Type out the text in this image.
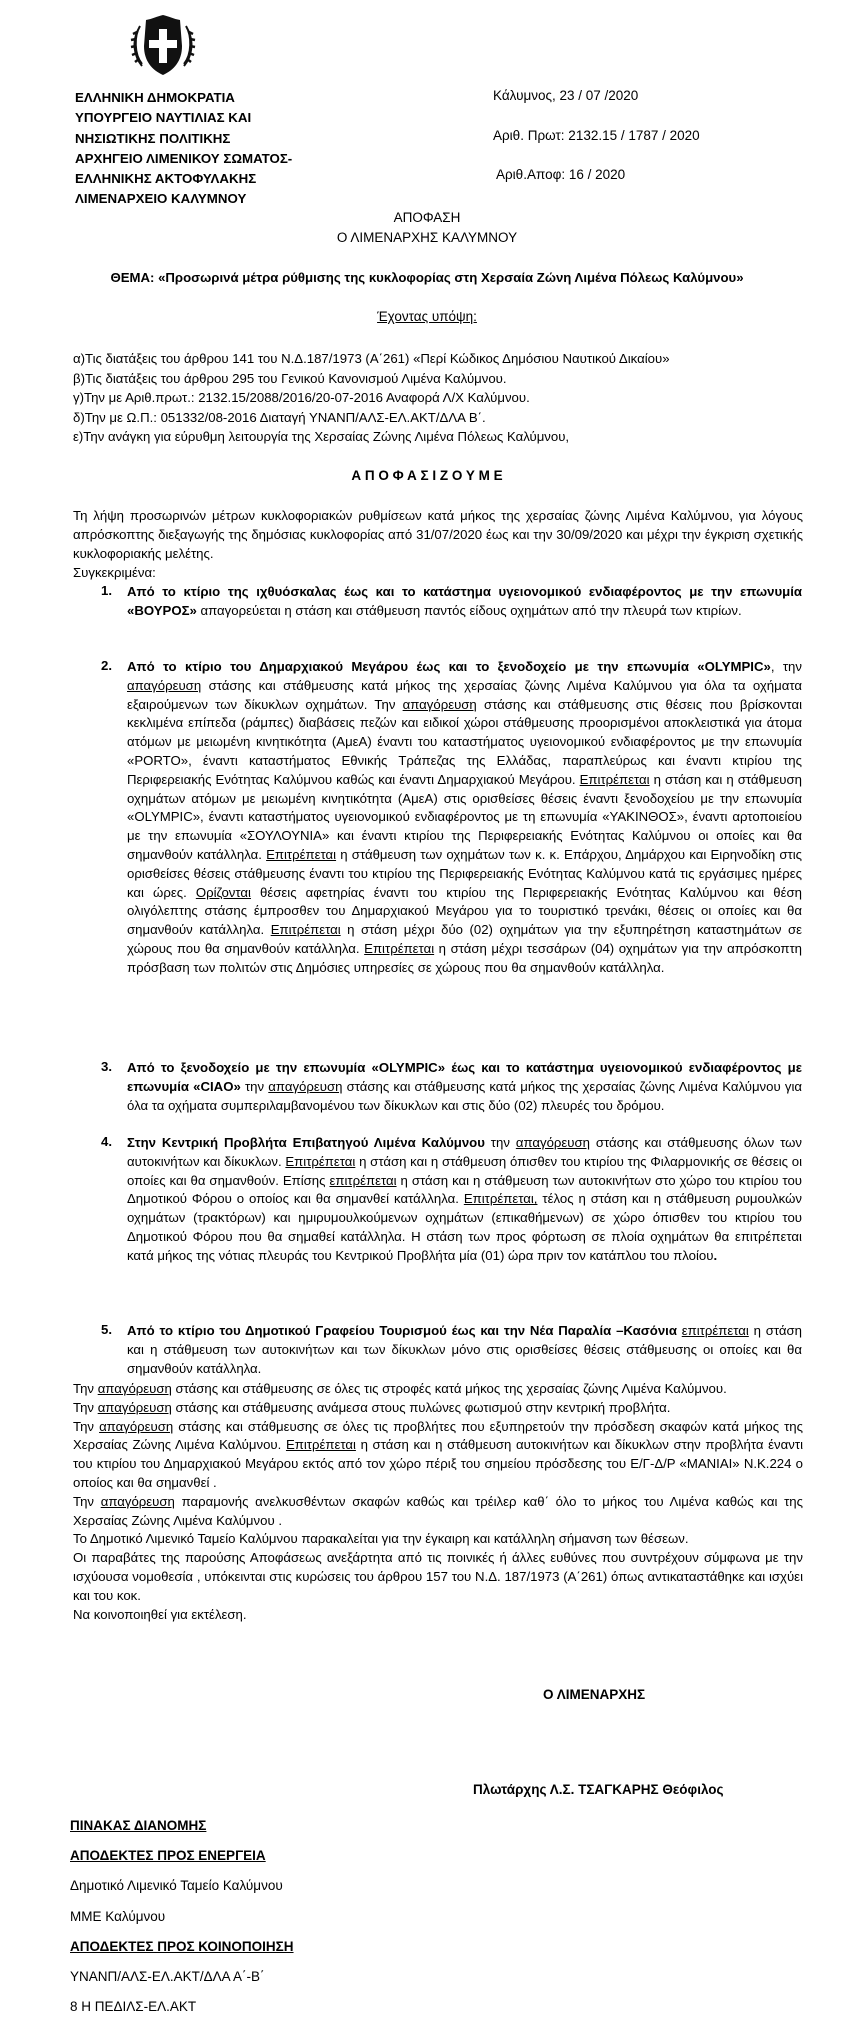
ΕΛΛΗΝΙΚΗ ΔΗΜΟΚΡΑΤΙΑ
ΥΠΟΥΡΓΕΙΟ ΝΑΥΤΙΛΙΑΣ ΚΑΙ
ΝΗΣΙΩΤΙΚΗΣ ΠΟΛΙΤΙΚΗΣ
ΑΡΧΗΓΕΙΟ ΛΙΜΕΝΙΚΟΥ ΣΩΜΑΤΟΣ-
ΕΛΛΗΝΙΚΗΣ ΑΚΤΟΦΥΛΑΚΗΣ
ΛΙΜΕΝΑΡΧΕΙΟ ΚΑΛΥΜΝΟΥ
Κάλυμνος, 23 / 07 /2020
Αριθ. Πρωτ: 2132.15 / 1787 / 2020
Αριθ.Αποφ: 16 / 2020
ΑΠΟΦΑΣΗ
Ο ΛΙΜΕΝΑΡΧΗΣ ΚΑΛΥΜΝΟΥ
ΘΕΜΑ: «Προσωρινά μέτρα ρύθμισης της κυκλοφορίας στη Χερσαία Ζώνη Λιμένα Πόλεως Καλύμνου»
Έχοντας υπόψη:
α)Τις διατάξεις του άρθρου 141 του Ν.Δ.187/1973 (Α΄261) «Περί Κώδικος Δημόσιου Ναυτικού Δικαίου»
β)Τις διατάξεις του άρθρου 295 του Γενικού Κανονισμού Λιμένα Καλύμνου.
γ)Την με Αριθ.πρωτ.: 2132.15/2088/2016/20-07-2016 Αναφορά Λ/Χ Καλύμνου.
δ)Την με Ω.Π.: 051332/08-2016 Διαταγή ΥΝΑΝΠ/ΑΛΣ-ΕΛ.ΑΚΤ/ΔΛΑ Β΄.
ε)Την ανάγκη για εύρυθμη λειτουργία της Χερσαίας Ζώνης Λιμένα Πόλεως Καλύμνου,
Α Π Ο Φ Α Σ Ι Ζ Ο Υ Μ Ε
Τη λήψη προσωρινών μέτρων κυκλοφοριακών ρυθμίσεων κατά μήκος της χερσαίας ζώνης Λιμένα Καλύμνου, για λόγους απρόσκοπτης διεξαγωγής της δημόσιας κυκλοφορίας από 31/07/2020 έως και την 30/09/2020 και μέχρι την έγκριση σχετικής κυκλοφοριακής μελέτης.
Συγκεκριμένα:
1. Από το κτίριο της ιχθυόσκαλας έως και το κατάστημα υγειονομικού ενδιαφέροντος με την επωνυμία «ΒΟΥΡΟΣ» απαγορεύεται η στάση και στάθμευση παντός είδους οχημάτων από την πλευρά των κτιρίων.
2. Από το κτίριο του Δημαρχιακού Μεγάρου έως και το ξενοδοχείο με την επωνυμία «OLYMPIC», την απαγόρευση στάσης και στάθμευσης κατά μήκος της χερσαίας ζώνης Λιμένα Καλύμνου για όλα τα οχήματα εξαιρούμενων των δίκυκλων οχημάτων. Την απαγόρευση στάσης και στάθμευσης στις θέσεις που βρίσκονται κεκλιμένα επίπεδα (ράμπες) διαβάσεις πεζών και ειδικοί χώροι στάθμευσης προορισμένοι αποκλειστικά για άτομα ατόμων με μειωμένη κινητικότητα (ΑμεΑ) έναντι του καταστήματος υγειονομικού ενδιαφέροντος με την επωνυμία «PORTO», έναντι καταστήματος Εθνικής Τράπεζας της Ελλάδας, παραπλεύρως και έναντι κτιρίου της Περιφερειακής Ενότητας Καλύμνου καθώς και έναντι Δημαρχιακού Μεγάρου. Επιτρέπεται η στάση και η στάθμευση οχημάτων ατόμων με μειωμένη κινητικότητα (ΑμεΑ) στις ορισθείσες θέσεις έναντι ξενοδοχείου με την επωνυμία «OLYMPIC», έναντι καταστήματος υγειονομικού ενδιαφέροντος με τη επωνυμία «ΥΑΚΙΝΘΟΣ», έναντι αρτοποιείου με την επωνυμία «ΣΟΥΛΟΥΝΙΑ» και έναντι κτιρίου της Περιφερειακής Ενότητας Καλύμνου οι οποίες και θα σημανθούν κατάλληλα. Επιτρέπεται η στάθμευση των οχημάτων των κ. κ. Επάρχου, Δημάρχου και Ειρηνοδίκη στις ορισθείσες θέσεις στάθμευσης έναντι του κτιρίου της Περιφερειακής Ενότητας Καλύμνου κατά τις εργάσιμες ημέρες και ώρες. Ορίζονται θέσεις αφετηρίας έναντι του κτιρίου της Περιφερειακής Ενότητας Καλύμνου και θέση ολιγόλεπτης στάσης έμπροσθεν του Δημαρχιακού Μεγάρου για το τουριστικό τρενάκι, θέσεις οι οποίες και θα σημανθούν κατάλληλα. Επιτρέπεται η στάση μέχρι δύο (02) οχημάτων για την εξυπηρέτηση καταστημάτων σε χώρους που θα σημανθούν κατάλληλα. Επιτρέπεται η στάση μέχρι τεσσάρων (04) οχημάτων για την απρόσκοπτη πρόσβαση των πολιτών στις Δημόσιες υπηρεσίες σε χώρους που θα σημανθούν κατάλληλα.
3. Από το ξενοδοχείο με την επωνυμία «OLYMPIC» έως και το κατάστημα υγειονομικού ενδιαφέροντος με επωνυμία «CIAO» την απαγόρευση στάσης και στάθμευσης κατά μήκος της χερσαίας ζώνης Λιμένα Καλύμνου για όλα τα οχήματα συμπεριλαμβανομένου των δίκυκλων και στις δύο (02) πλευρές του δρόμου.
4. Στην Κεντρική Προβλήτα Επιβατηγού Λιμένα Καλύμνου την απαγόρευση στάσης και στάθμευσης όλων των αυτοκινήτων και δίκυκλων. Επιτρέπεται η στάση και η στάθμευση όπισθεν του κτιρίου της Φιλαρμονικής σε θέσεις οι οποίες και θα σημανθούν. Επίσης επιτρέπεται η στάση και η στάθμευση των αυτοκινήτων στο χώρο του κτιρίου του Δημοτικού Φόρου ο οποίος και θα σημανθεί κατάλληλα. Επιτρέπεται, τέλος η στάση και η στάθμευση ρυμουλκών οχημάτων (τρακτόρων) και ημιρυμουλκούμενων οχημάτων (επικαθήμενων) σε χώρο όπισθεν του κτιρίου του Δημοτικού Φόρου που θα σημαθεί κατάλληλα. Η στάση των προς φόρτωση σε πλοία οχημάτων θα επιτρέπεται κατά μήκος της νότιας πλευράς του Κεντρικού Προβλήτα μία (01) ώρα πριν τον κατάπλου του πλοίου.
5. Από το κτίριο του Δημοτικού Γραφείου Τουρισμού έως και την Νέα Παραλία –Κασόνια επιτρέπεται η στάση και η στάθμευση των αυτοκινήτων και των δίκυκλων μόνο στις ορισθείσες θέσεις στάθμευσης οι οποίες και θα σημανθούν κατάλληλα.
Την απαγόρευση στάσης και στάθμευσης σε όλες τις στροφές κατά μήκος της χερσαίας ζώνης Λιμένα Καλύμνου.
Την απαγόρευση στάσης και στάθμευσης ανάμεσα στους πυλώνες φωτισμού στην κεντρική προβλήτα.
Την απαγόρευση στάσης και στάθμευσης σε όλες τις προβλήτες που εξυπηρετούν την πρόσδεση σκαφών κατά μήκος της Χερσαίας Ζώνης Λιμένα Καλύμνου. Επιτρέπεται η στάση και η στάθμευση αυτοκινήτων και δίκυκλων στην προβλήτα έναντι του κτιρίου του Δημαρχιακού Μεγάρου εκτός από τον χώρο πέριξ του σημείου πρόσδεσης του Ε/Γ-Δ/Ρ «ΜΑΝΙΑΙ» Ν.Κ.224 ο οποίος και θα σημανθεί .
Την απαγόρευση παραμονής ανελκυσθέντων σκαφών καθώς και τρέιλερ καθ΄ όλο το μήκος του Λιμένα καθώς και της Χερσαίας Ζώνης Λιμένα Καλύμνου .
Το Δημοτικό Λιμενικό Ταμείο Καλύμνου παρακαλείται για την έγκαιρη και κατάλληλη σήμανση των θέσεων.
Οι παραβάτες της παρούσης Αποφάσεως ανεξάρτητα από τις ποινικές ή άλλες ευθύνες που συντρέχουν σύμφωνα με την ισχύουσα νομοθεσία , υπόκεινται στις κυρώσεις του άρθρου 157 του Ν.Δ. 187/1973 (Α΄261) όπως αντικαταστάθηκε και ισχύει και του κοκ.
Να κοινοποιηθεί για εκτέλεση.
Ο ΛΙΜΕΝΑΡΧΗΣ
Πλωτάρχης Λ.Σ. ΤΣΑΓΚΑΡΗΣ Θεόφιλος
ΠΙΝΑΚΑΣ ΔΙΑΝΟΜΗΣ
ΑΠΟΔΕΚΤΕΣ ΠΡΟΣ ΕΝΕΡΓΕΙΑ
Δημοτικό Λιμενικό Ταμείο Καλύμνου
ΜΜΕ Καλύμνου
ΑΠΟΔΕΚΤΕΣ ΠΡΟΣ ΚΟΙΝΟΠΟΙΗΣΗ
ΥΝΑΝΠ/ΑΛΣ-ΕΛ.ΑΚΤ/ΔΛΑ Α΄-Β΄
8 Η ΠΕΔΙΛΣ-ΕΛ.ΑΚΤ
